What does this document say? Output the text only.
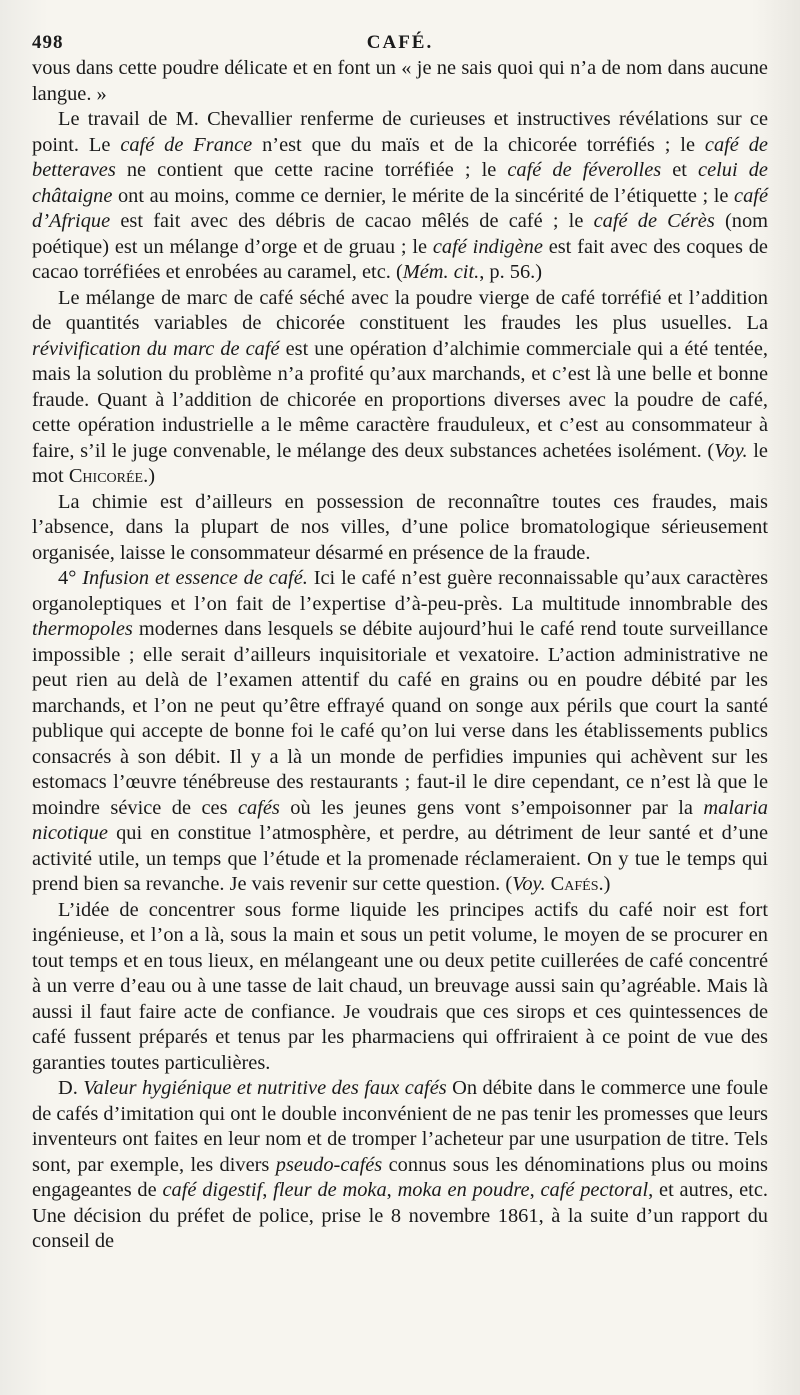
498	CAFÉ.

vous dans cette poudre délicate et en font un « je ne sais quoi qui n’a de nom dans aucune langue. »

Le travail de M. Chevallier renferme de curieuses et instructives révélations sur ce point. Le café de France n’est que du maïs et de la chicorée torréfiés ; le café de betteraves ne contient que cette racine torréfiée ; le café de féverolles et celui de châtaigne ont au moins, comme ce dernier, le mérite de la sincérité de l’étiquette ; le café d’Afrique est fait avec des débris de cacao mêlés de café ; le café de Cérès (nom poétique) est un mélange d’orge et de gruau ; le café indigène est fait avec des coques de cacao torréfiées et enrobées au caramel, etc. (Mém. cit., p. 56.)

Le mélange de marc de café séché avec la poudre vierge de café torréfié et l’addition de quantités variables de chicorée constituent les fraudes les plus usuelles. La révivification du marc de café est une opération d’alchimie commerciale qui a été tentée, mais la solution du problème n’a profité qu’aux marchands, et c’est là une belle et bonne fraude. Quant à l’addition de chicorée en proportions diverses avec la poudre de café, cette opération industrielle a le même caractère frauduleux, et c’est au consommateur à faire, s’il le juge convenable, le mélange des deux substances achetées isolément. (Voy. le mot Chicorée.)

La chimie est d’ailleurs en possession de reconnaître toutes ces fraudes, mais l’absence, dans la plupart de nos villes, d’une police bromatologique sérieusement organisée, laisse le consommateur désarmé en présence de la fraude.

4° Infusion et essence de café. Ici le café n’est guère reconnaissable qu’aux caractères organoleptiques et l’on fait de l’expertise d’à-peu-près. La multitude innombrable des thermopoles modernes dans lesquels se débite aujourd’hui le café rend toute surveillance impossible ; elle serait d’ailleurs inquisitoriale et vexatoire. L’action administrative ne peut rien au delà de l’examen attentif du café en grains ou en poudre débité par les marchands, et l’on ne peut qu’être effrayé quand on songe aux périls que court la santé publique qui accepte de bonne foi le café qu’on lui verse dans les établissements publics consacrés à son débit. Il y a là un monde de perfidies impunies qui achèvent sur les estomacs l’œuvre ténébreuse des restaurants ; faut-il le dire cependant, ce n’est là que le moindre sévice de ces cafés où les jeunes gens vont s’empoisonner par la malaria nicotique qui en constitue l’atmosphère, et perdre, au détriment de leur santé et d’une activité utile, un temps que l’étude et la promenade réclameraient. On y tue le temps qui prend bien sa revanche. Je vais revenir sur cette question. (Voy. Cafés.)

L’idée de concentrer sous forme liquide les principes actifs du café noir est fort ingénieuse, et l’on a là, sous la main et sous un petit volume, le moyen de se procurer en tout temps et en tous lieux, en mélangeant une ou deux petite cuillerées de café concentré à un verre d’eau ou à une tasse de lait chaud, un breuvage aussi sain qu’agréable. Mais là aussi il faut faire acte de confiance. Je voudrais que ces sirops et ces quintessences de café fussent préparés et tenus par les pharmaciens qui offriraient à ce point de vue des garanties toutes particulières.

D. Valeur hygiénique et nutritive des faux cafés On débite dans le commerce une foule de cafés d’imitation qui ont le double inconvénient de ne pas tenir les promesses que leurs inventeurs ont faites en leur nom et de tromper l’acheteur par une usurpation de titre. Tels sont, par exemple, les divers pseudo-cafés connus sous les dénominations plus ou moins engageantes de café digestif, fleur de moka, moka en poudre, café pectoral, et autres, etc. Une décision du préfet de police, prise le 8 novembre 1861, à la suite d’un rapport du conseil de
